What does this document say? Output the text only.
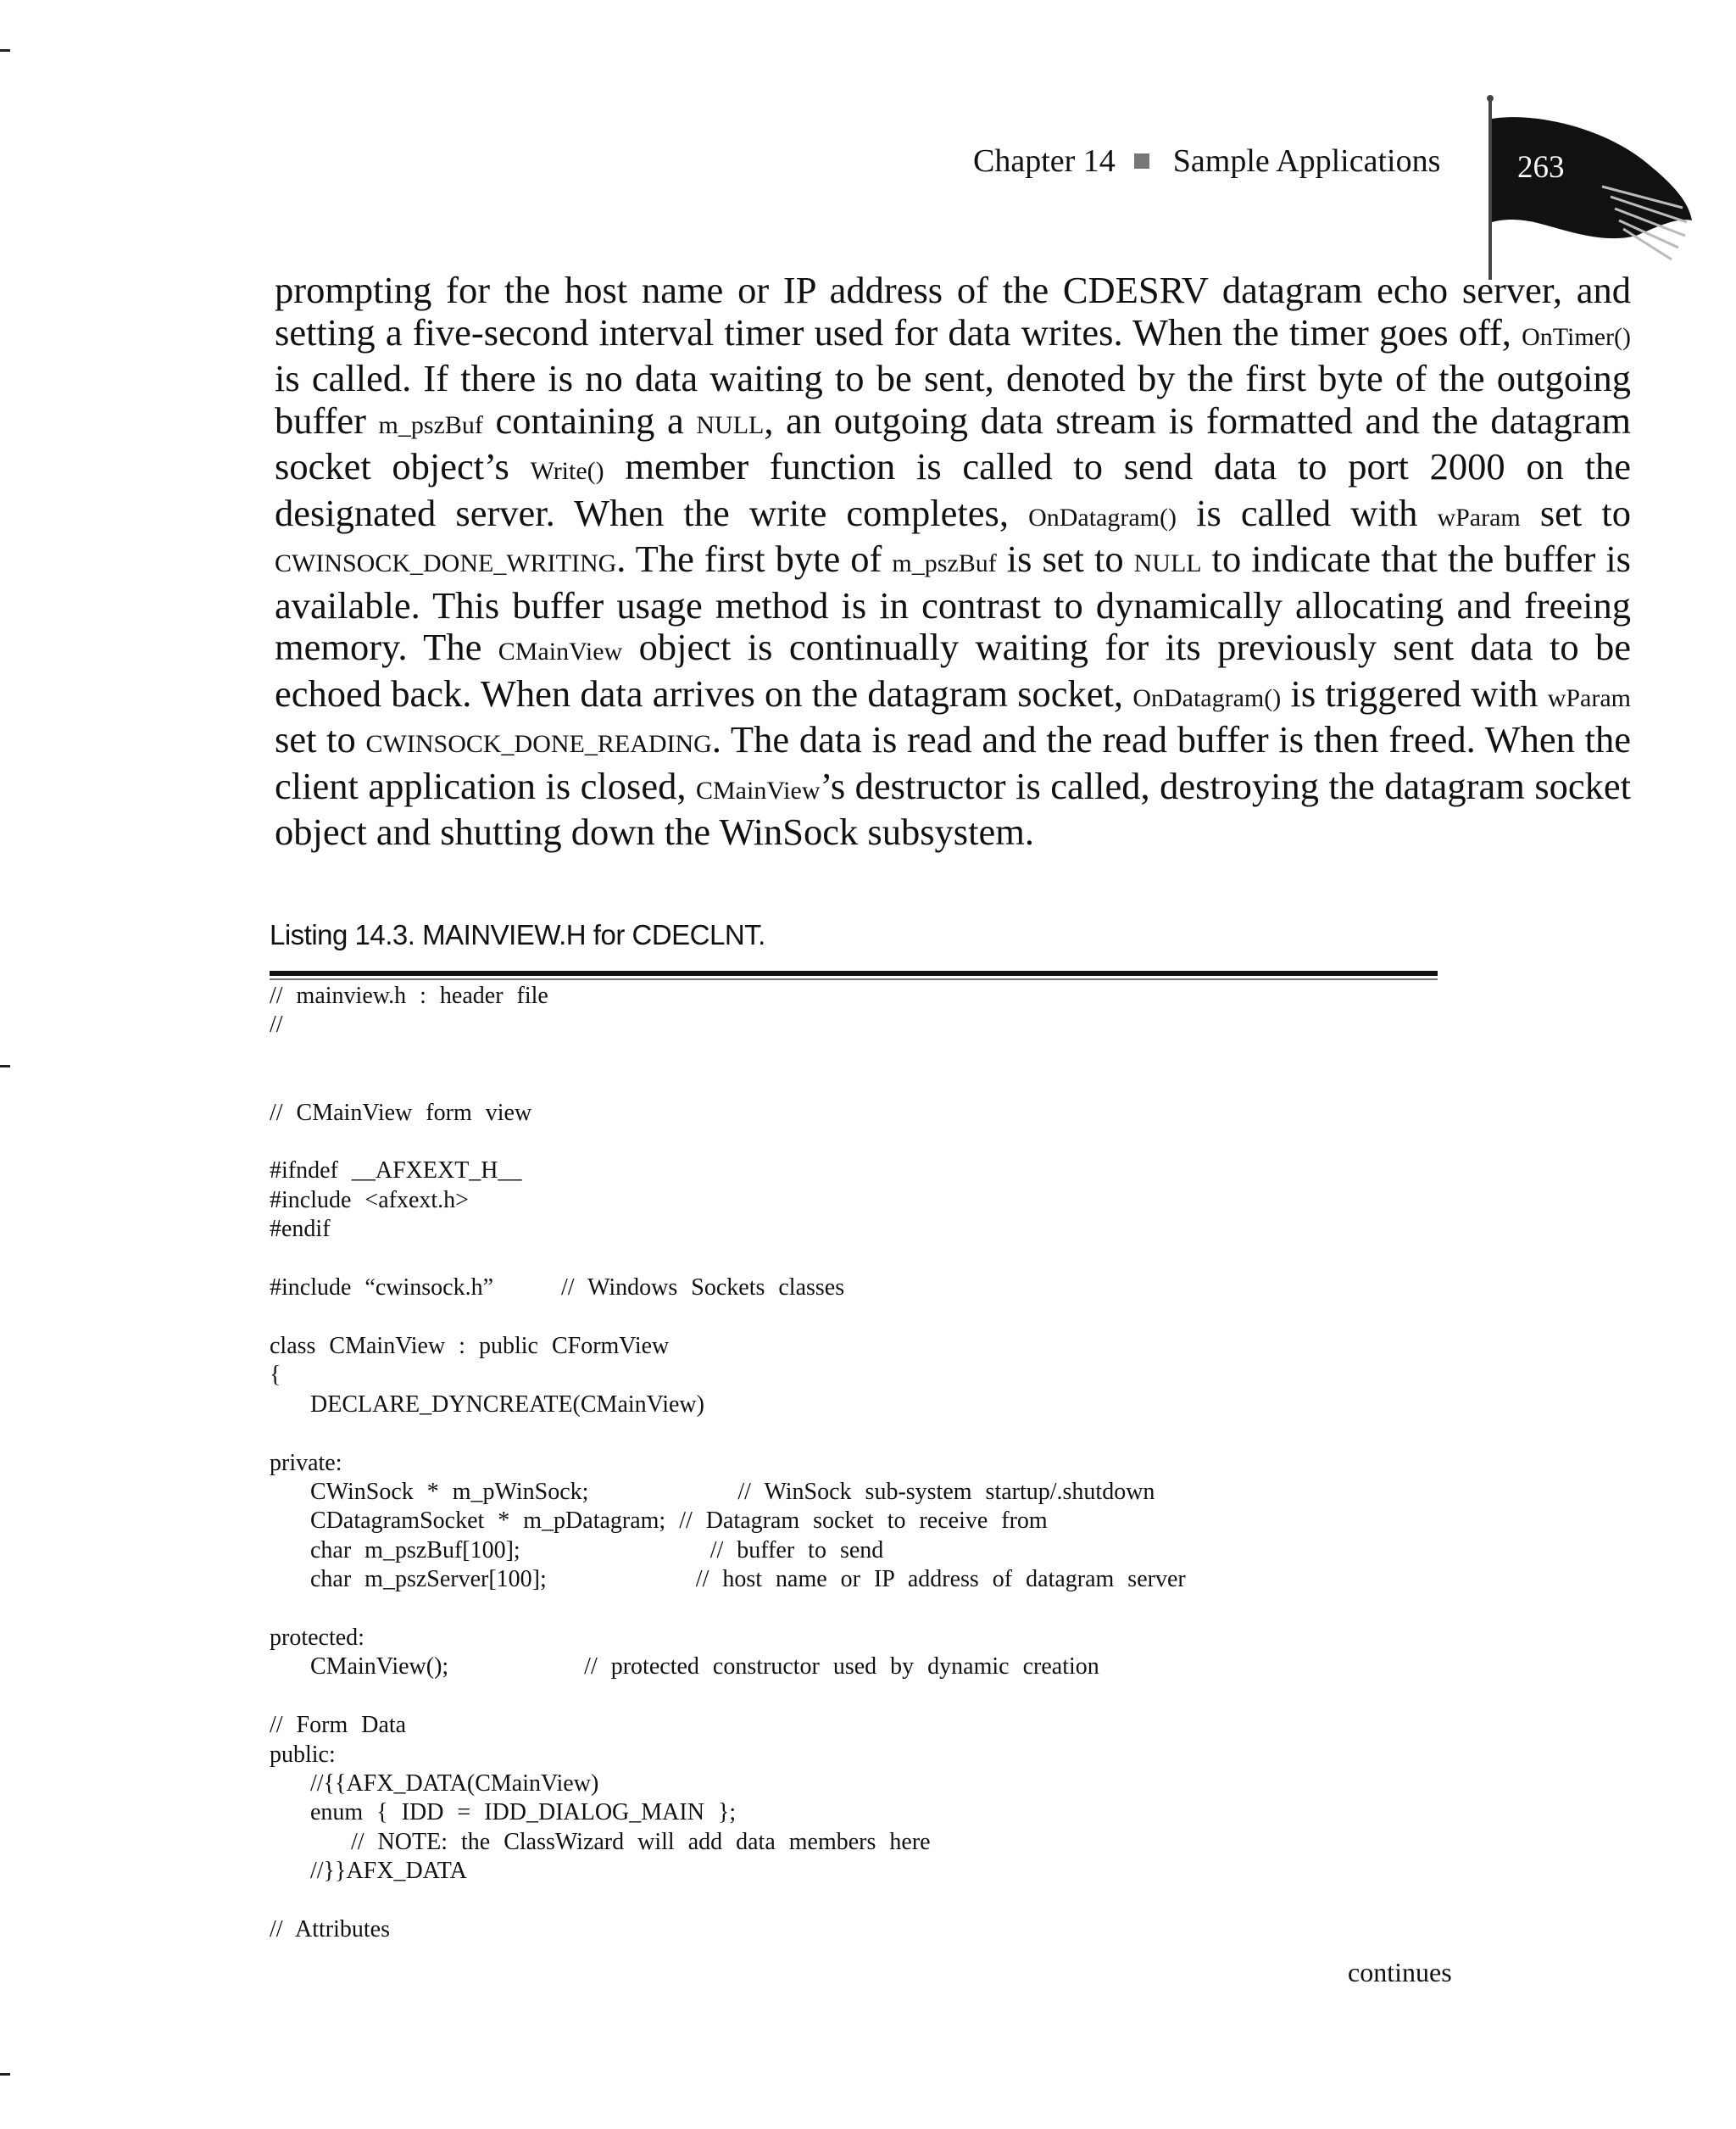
Chapter 14 Sample Applications 263
prompting for the host name or IP address of the CDESRV datagram echo server, and setting a five-second interval timer used for data writes. When the timer goes off, OnTimer() is called. If there is no data waiting to be sent, denoted by the first byte of the outgoing buffer m_pszBuf containing a NULL, an outgoing data stream is formatted and the datagram socket object’s Write() member function is called to send data to port 2000 on the designated server. When the write completes, OnDatagram() is called with wParam set to CWINSOCK_DONE_WRITING. The first byte of m_pszBuf is set to NULL to indicate that the buffer is available. This buffer usage method is in contrast to dynamically allocating and freeing memory. The CMainView object is continually waiting for its previously sent data to be echoed back. When data arrives on the datagram socket, OnDatagram() is triggered with wParam set to CWINSOCK_DONE_READING. The data is read and the read buffer is then freed. When the client application is closed, CMainView’s destructor is called, destroying the datagram socket object and shutting down the WinSock subsystem.
Listing 14.3. MAINVIEW.H for CDECLNT.
// mainview.h : header file
//

// CMainView form view

#ifndef __AFXEXT_H__
#include <afxext.h>
#endif

#include “cwinsock.h”     // Windows Sockets classes

class CMainView : public CFormView
{
DECLARE_DYNCREATE(CMainView)

private:
CWinSock * m_pWinSock;           // WinSock sub-system startup/.shutdown
CDatagramSocket * m_pDatagram; // Datagram socket to receive from
char m_pszBuf[100];              // buffer to send
char m_pszServer[100];           // host name or IP address of datagram server

protected:
CMainView();          // protected constructor used by dynamic creation

// Form Data
public:
//{{AFX_DATA(CMainView)
enum { IDD = IDD_DIALOG_MAIN };
// NOTE: the ClassWizard will add data members here
//}}AFX_DATA

// Attributes
continues
